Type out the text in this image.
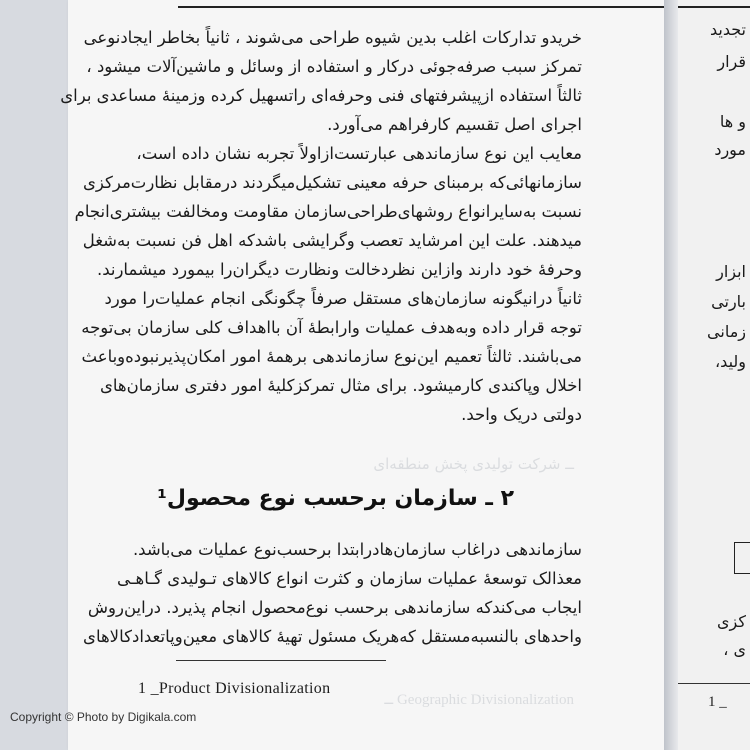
ــ شرکت تولیدی پخش منطقه‌ای
Geographic Divisionalization ــ
خریدو تدارکات اغلب بدین شیوه طراحی می‌شوند ، ثانیاً بخاطر ایجادنوعی
تمرکز سبب صرفه‌جوئی درکار و استفاده از وسائل و ماشین‌آلات میشود ،
ثالثاً استفاده ازپیشرفتهای فنی وحرفه‌ای راتسهیل کرده وزمینهٔ مساعدی برای
اجرای اصل تقسیم کارفراهم می‌آورد.
معایب این نوع سازماندهی عبارتست‌ازاولاً تجربه نشان داده است،
سازمانهائی‌که برمبنای حرفه معینی تشکیل‌میگردند درمقابل نظارت‌مرکزی
نسبت به‌سایرانواع روشهای‌طراحی‌سازمان مقاومت ومخالفت بیشتری‌انجام
میدهند. علت این امرشاید تعصب وگرایشی باشدکه اهل فن نسبت به‌شغل
وحرفهٔ خود دارند وازاین نظردخالت ونظارت دیگران‌را بیمورد میشمارند.
ثانیاً درانیگونه سازمان‌های مستقل صرفاً چگونگی انجام عملیات‌را مورد
توجه قرار داده و‌به‌هدف عملیات وارابطهٔ آن بااهداف کلی سازمان بی‌توجه
می‌باشند. ثالثاً تعمیم این‌نوع سازماندهی برهمهٔ امور امکان‌پذیرنبوده‌وباعث
اخلال وپاکندی کارمیشود. برای مثال تمرکزکلیهٔ امور دفتری سازمان‌های
دولتی دریک واحد.
۲ ـ سازمان برحسب نوع محصول¹
سازماندهی دراغاب سازمان‌هادرابتدا برحسب‌نوع عملیات می‌باشد.
معذالک توسعهٔ عملیات سازمان و کثرت انواع کالاهای تـولیدی گـاهـی
ایجاب می‌کندکه سازماندهی برحسب نوع‌محصول انجام پذیرد. دراین‌روش
واحدهای بالنسبه‌مستقل که‌هریک مسئول تهیهٔ کالاهای معین‌وپاتعدادکالاهای
1 _Product Divisionalization
تجدید
قرار
و ها
مورد
ابزار
بارتی
زمانی
ولید،
کزی
ی ،
1 _
Copyright © Photo by Digikala.com
